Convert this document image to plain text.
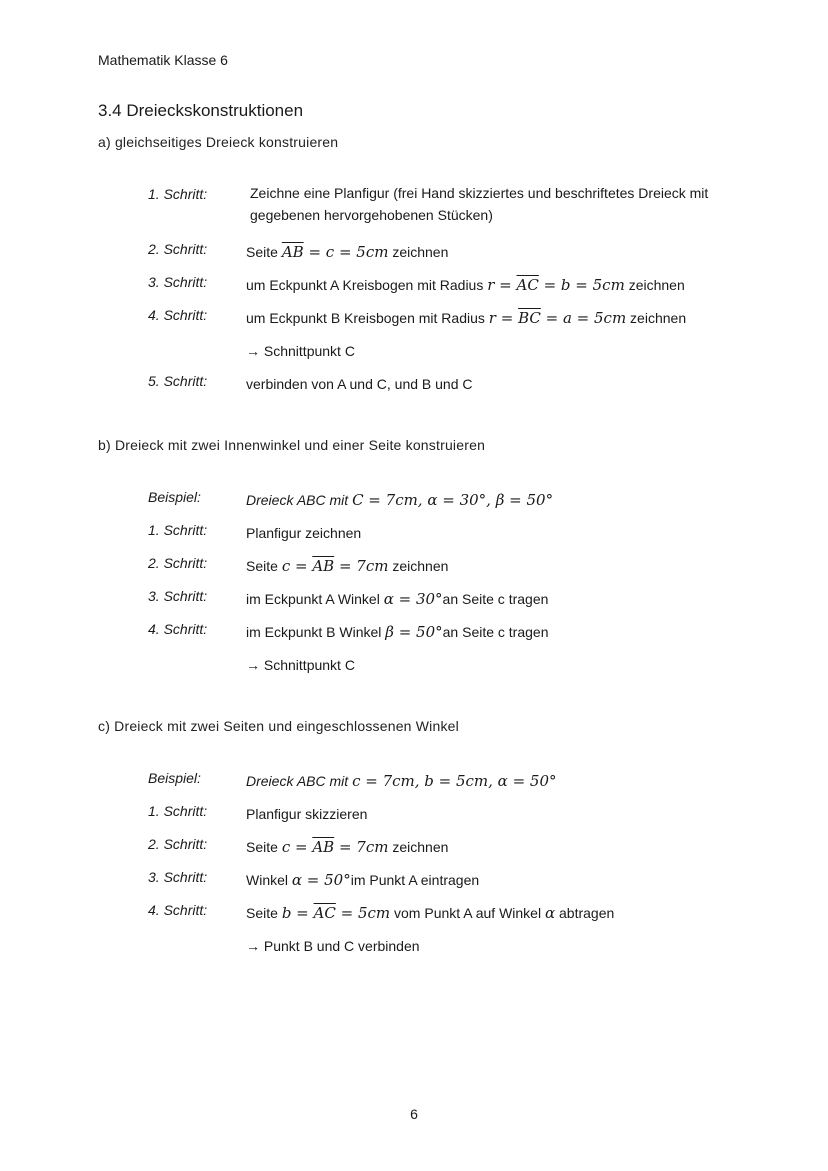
Mathematik Klasse 6
3.4 Dreieckskonstruktionen
a) gleichseitiges Dreieck konstruieren
1. Schritt:	Zeichne eine Planfigur (frei Hand skizziertes und beschriftetes Dreieck mit gegebenen hervorgehobenen Stücken)
2. Schritt:	Seite $\overline{AB} = c = 5cm$ zeichnen
3. Schritt:	um Eckpunkt A Kreisbogen mit Radius $r = \overline{AC} = b = 5cm$ zeichnen
4. Schritt:	um Eckpunkt B Kreisbogen mit Radius $r = \overline{BC} = a = 5cm$ zeichnen
→ Schnittpunkt C
5. Schritt:	verbinden von A und C, und B und C
b) Dreieck mit zwei Innenwinkel und einer Seite konstruieren
Beispiel:	Dreieck ABC mit C = 7cm, α = 30°, β = 50°
1. Schritt:	Planfigur zeichnen
2. Schritt:	Seite $c = \overline{AB} = 7cm$ zeichnen
3. Schritt:	im Eckpunkt A Winkel α = 30°an Seite c tragen
4. Schritt:	im Eckpunkt B Winkel β = 50°an Seite c tragen
→ Schnittpunkt C
c) Dreieck mit zwei Seiten und eingeschlossenen Winkel
Beispiel:	Dreieck ABC mit c = 7cm, b = 5cm, α = 50°
1. Schritt:	Planfigur skizzieren
2. Schritt:	Seite $c = \overline{AB} = 7cm$ zeichnen
3. Schritt:	Winkel α = 50°im Punkt A eintragen
4. Schritt:	Seite $b = \overline{AC} = 5cm$ vom Punkt A auf Winkel α abtragen
→ Punkt B und C verbinden
6
